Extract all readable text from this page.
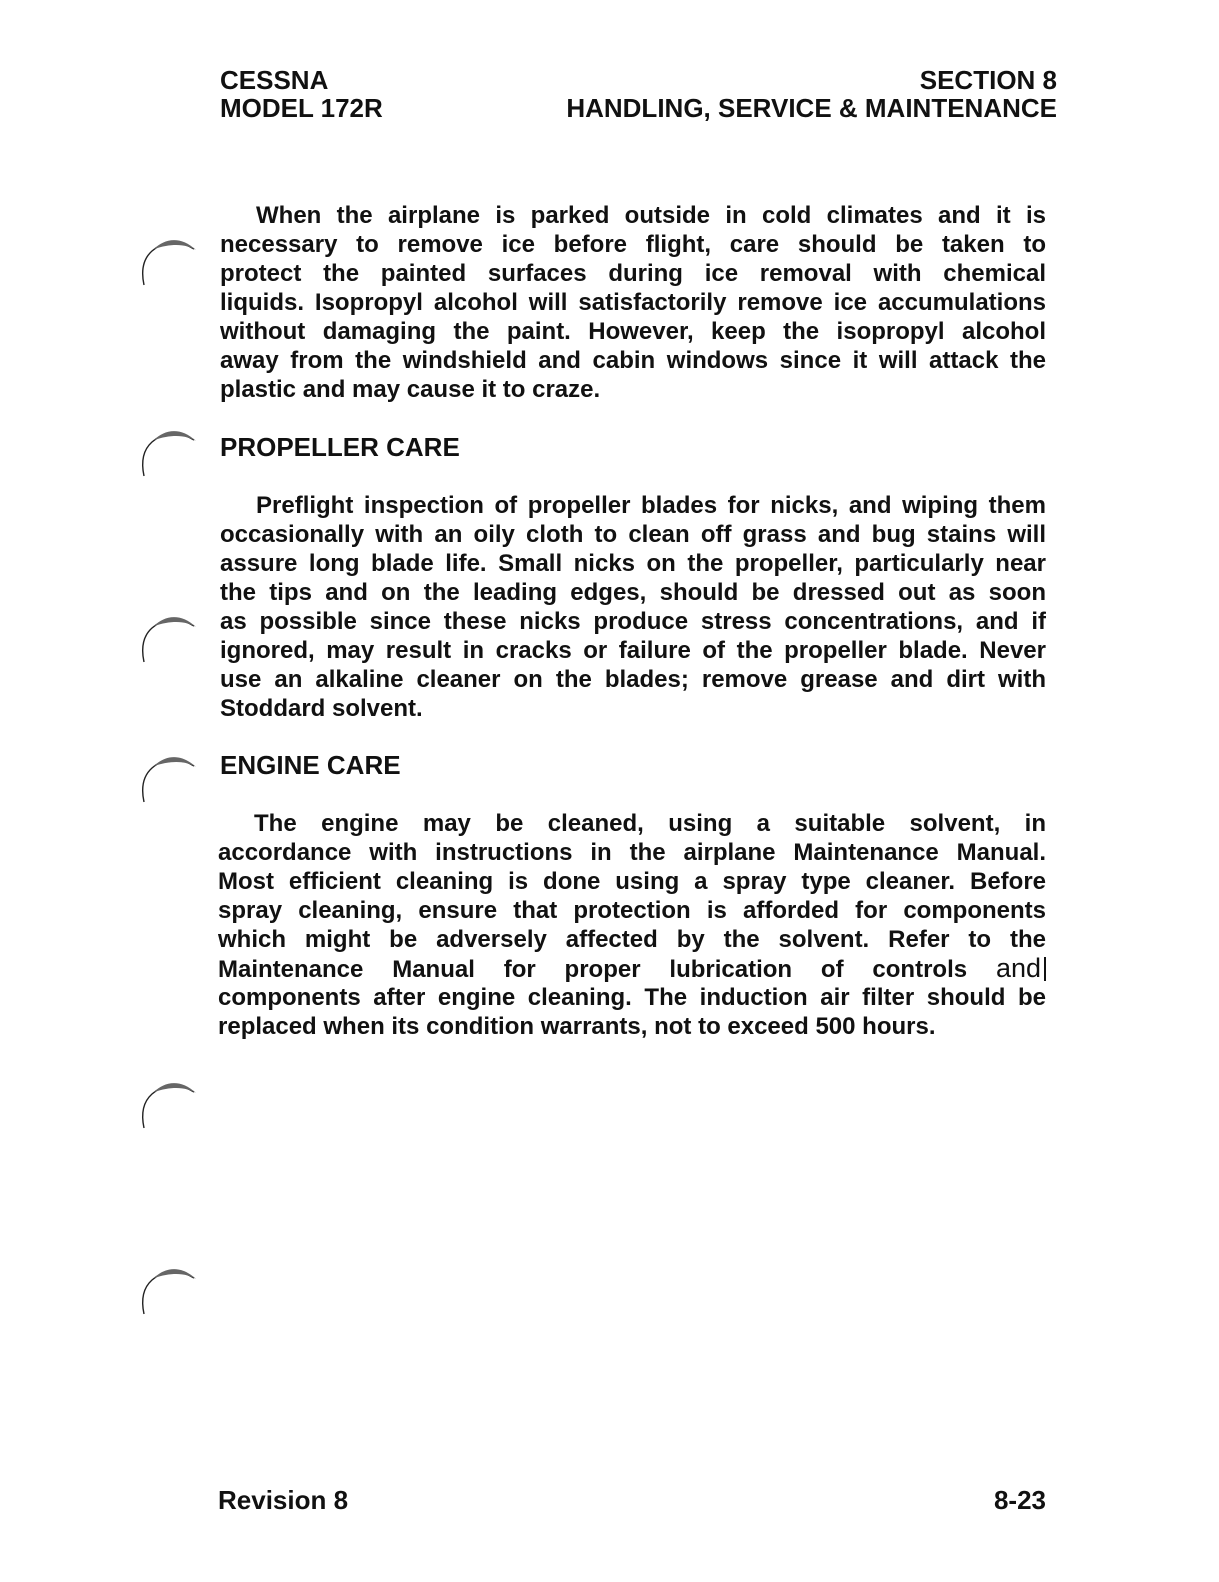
CESSNA
MODEL 172R
SECTION 8
HANDLING, SERVICE & MAINTENANCE
When the airplane is parked outside in cold climates and it is
necessary to remove ice before flight, care should be taken to
protect the painted surfaces during ice removal with chemical
liquids. Isopropyl alcohol will satisfactorily remove ice accumulations
without damaging the paint. However, keep the isopropyl alcohol
away from the windshield and cabin windows since it will attack the
plastic and may cause it to craze.
PROPELLER CARE
Preflight inspection of propeller blades for nicks, and wiping them
occasionally with an oily cloth to clean off grass and bug stains will
assure long blade life. Small nicks on the propeller, particularly near
the tips and on the leading edges, should be dressed out as soon
as possible since these nicks produce stress concentrations, and if
ignored, may result in cracks or failure of the propeller blade. Never
use an alkaline cleaner on the blades; remove grease and dirt with
Stoddard solvent.
ENGINE CARE
The engine may be cleaned, using a suitable solvent, in
accordance with instructions in the airplane Maintenance Manual.
Most efficient cleaning is done using a spray type cleaner. Before
spray cleaning, ensure that protection is afforded for components
which might be adversely affected by the solvent. Refer to the
Maintenance Manual for proper lubrication of controls and
components after engine cleaning. The induction air filter should be
replaced when its condition warrants, not to exceed 500 hours.
Revision 8	8-23
